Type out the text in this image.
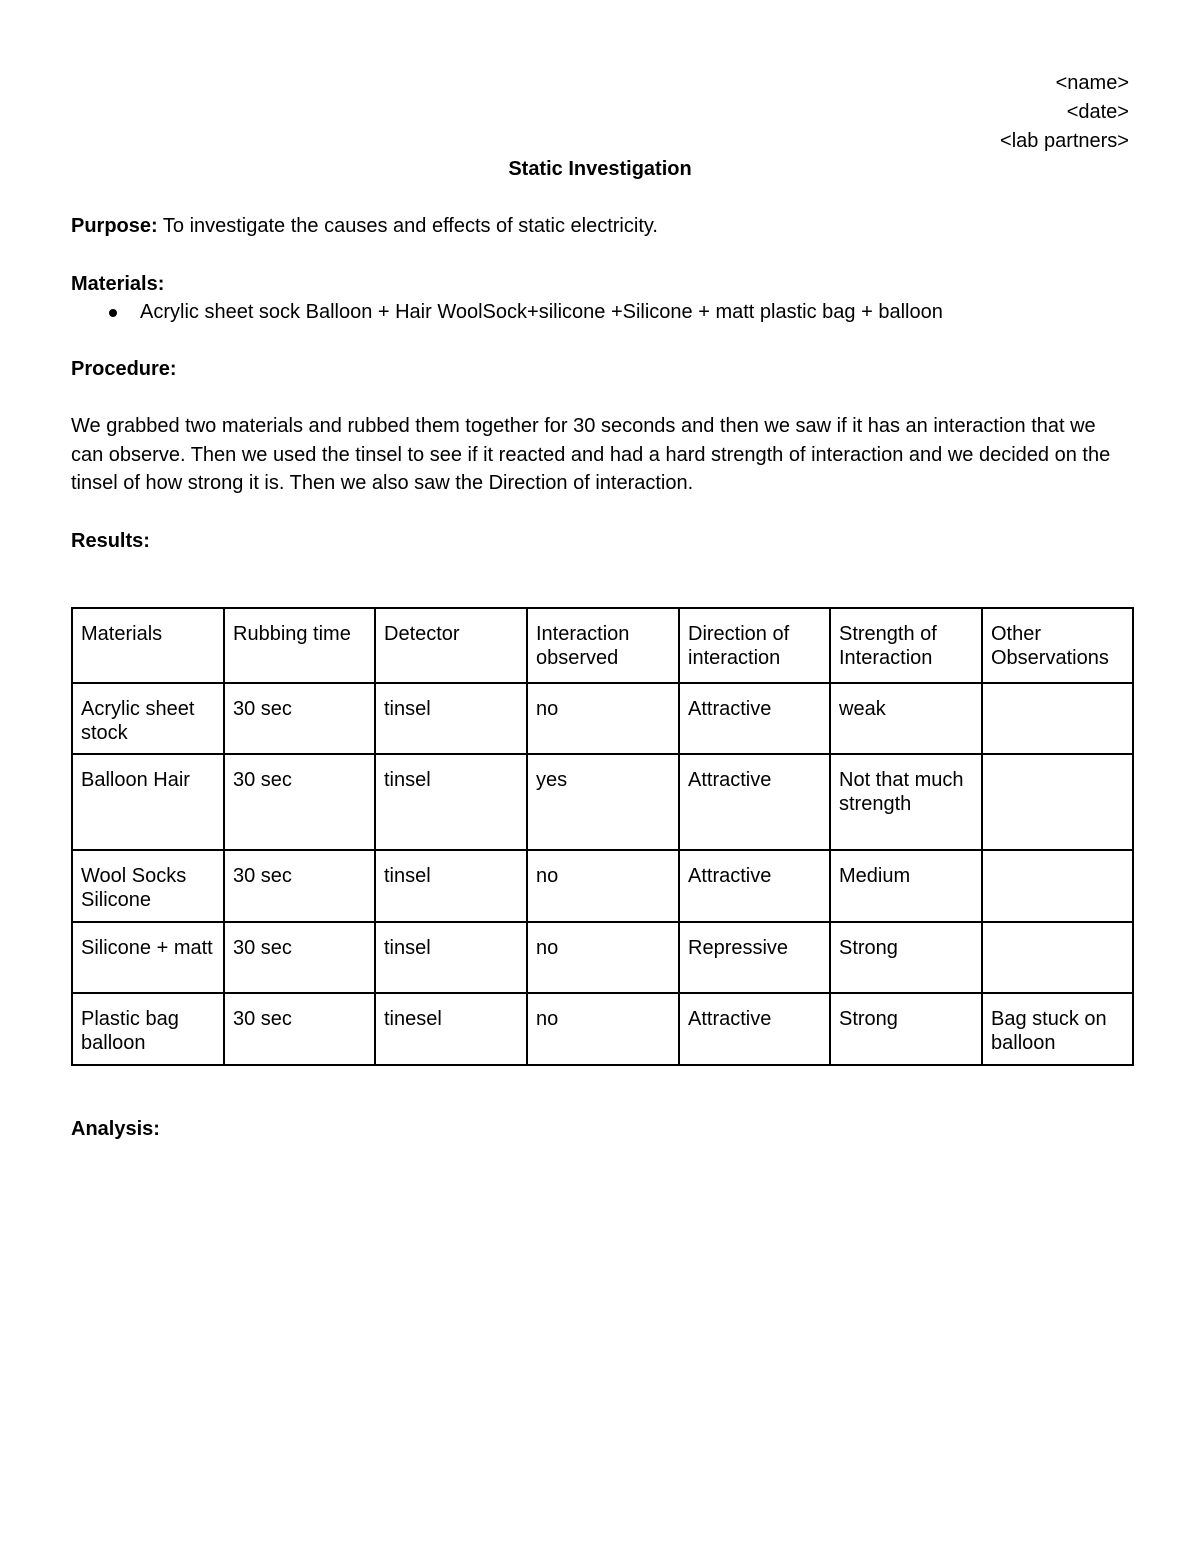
<name>
<date>
<lab partners>
Static Investigation
Purpose: To investigate the causes and effects of static electricity.
Materials:
Acrylic sheet sock Balloon + Hair WoolSock+silicone +Silicone + matt plastic bag + balloon
Procedure:
We grabbed two materials and rubbed them together for 30 seconds and then we saw if it has an interaction that we can observe. Then we used the tinsel to see if it reacted and had a hard strength of interaction and we decided on the tinsel of how strong it is. Then we also saw the Direction of interaction.
Results:
Materials	Rubbing time	Detector	Interaction observed	Direction of interaction	Strength of Interaction	Other Observations
Acrylic sheet stock	30 sec	tinsel	no	Attractive	weak	
Balloon Hair	30 sec	tinsel	yes	Attractive	Not that much strength	
Wool Socks Silicone	30 sec	tinsel	no	Attractive	Medium	
Silicone + matt	30 sec	tinsel	no	Repressive	Strong	
Plastic bag balloon	30 sec	tinesel	no	Attractive	Strong	Bag stuck on balloon
Analysis:
